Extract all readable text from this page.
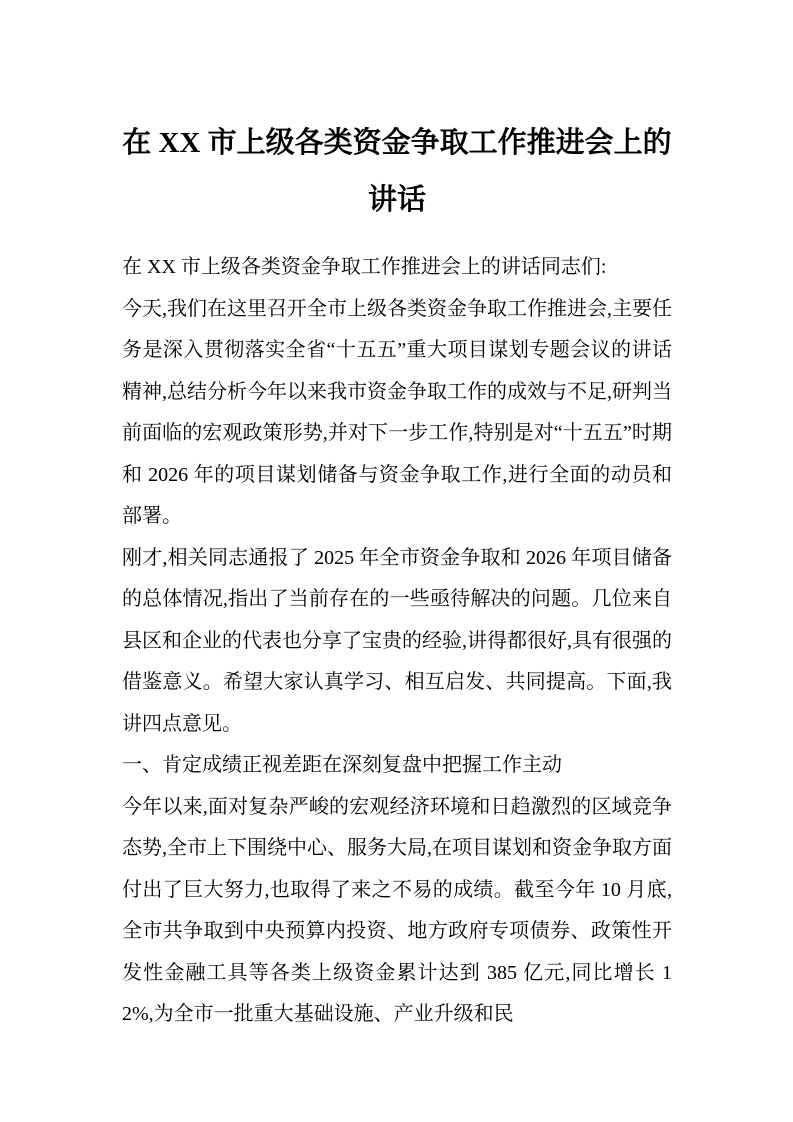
在 XX 市上级各类资金争取工作推进会上的
讲话

在 XX 市上级各类资金争取工作推进会上的讲话同志们:

今天,我们在这里召开全市上级各类资金争取工作推进会,主要任务是深入贯彻落实全省“十五五”重大项目谋划专题会议的讲话精神,总结分析今年以来我市资金争取工作的成效与不足,研判当前面临的宏观政策形势,并对下一步工作,特别是对“十五五”时期和 2026 年的项目谋划储备与资金争取工作,进行全面的动员和部署。

刚才,相关同志通报了 2025 年全市资金争取和 2026 年项目储备的总体情况,指出了当前存在的一些亟待解决的问题。几位来自县区和企业的代表也分享了宝贵的经验,讲得都很好,具有很强的借鉴意义。希望大家认真学习、相互启发、共同提高。下面,我讲四点意见。

一、肯定成绩正视差距在深刻复盘中把握工作主动

今年以来,面对复杂严峻的宏观经济环境和日趋激烈的区域竞争态势,全市上下围绕中心、服务大局,在项目谋划和资金争取方面付出了巨大努力,也取得了来之不易的成绩。截至今年 10 月底,全市共争取到中央预算内投资、地方政府专项债券、政策性开发性金融工具等各类上级资金累计达到 385 亿元,同比增长 12%,为全市一批重大基础设施、产业升级和民
